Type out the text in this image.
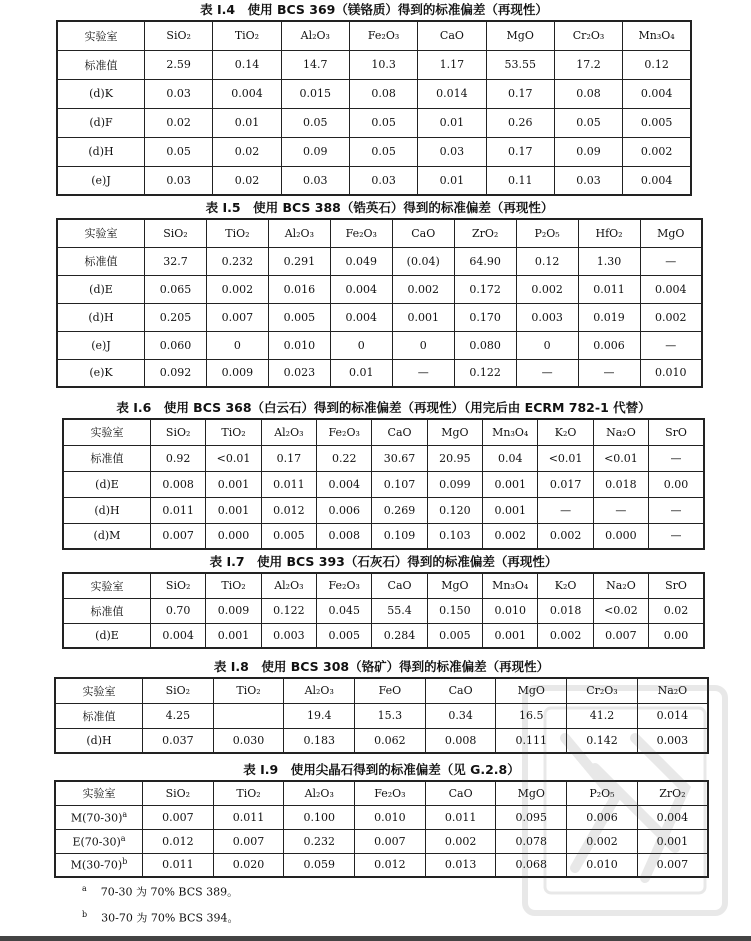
表 I.4　使用 BCS 369（镁铬质）得到的标准偏差（再现性）
实验室	SiO₂	TiO₂	Al₂O₃	Fe₂O₃	CaO	MgO	Cr₂O₃	Mn₃O₄
标准值	2.59	0.14	14.7	10.3	1.17	53.55	17.2	0.12
(d)K	0.03	0.004	0.015	0.08	0.014	0.17	0.08	0.004
(d)F	0.02	0.01	0.05	0.05	0.01	0.26	0.05	0.005
(d)H	0.05	0.02	0.09	0.05	0.03	0.17	0.09	0.002
(e)J	0.03	0.02	0.03	0.03	0.01	0.11	0.03	0.004
表 I.5　使用 BCS 388（锆英石）得到的标准偏差（再现性）
实验室	SiO₂	TiO₂	Al₂O₃	Fe₂O₃	CaO	ZrO₂	P₂O₅	HfO₂	MgO
标准值	32.7	0.232	0.291	0.049	(0.04)	64.90	0.12	1.30	—
(d)E	0.065	0.002	0.016	0.004	0.002	0.172	0.002	0.011	0.004
(d)H	0.205	0.007	0.005	0.004	0.001	0.170	0.003	0.019	0.002
(e)J	0.060	0	0.010	0	0	0.080	0	0.006	—
(e)K	0.092	0.009	0.023	0.01	—	0.122	—	—	0.010
表 I.6　使用 BCS 368（白云石）得到的标准偏差（再现性）（用完后由 ECRM 782-1 代替）
实验室	SiO₂	TiO₂	Al₂O₃	Fe₂O₃	CaO	MgO	Mn₃O₄	K₂O	Na₂O	SrO
标准值	0.92	<0.01	0.17	0.22	30.67	20.95	0.04	<0.01	<0.01	—
(d)E	0.008	0.001	0.011	0.004	0.107	0.099	0.001	0.017	0.018	0.00
(d)H	0.011	0.001	0.012	0.006	0.269	0.120	0.001	—	—	—
(d)M	0.007	0.000	0.005	0.008	0.109	0.103	0.002	0.002	0.000	—
表 I.7　使用 BCS 393（石灰石）得到的标准偏差（再现性）
实验室	SiO₂	TiO₂	Al₂O₃	Fe₂O₃	CaO	MgO	Mn₃O₄	K₂O	Na₂O	SrO
标准值	0.70	0.009	0.122	0.045	55.4	0.150	0.010	0.018	<0.02	0.02
(d)E	0.004	0.001	0.003	0.005	0.284	0.005	0.001	0.002	0.007	0.00
表 I.8　使用 BCS 308（铬矿）得到的标准偏差（再现性）
实验室	SiO₂	TiO₂	Al₂O₃	FeO	CaO	MgO	Cr₂O₃	Na₂O
标准值	4.25		19.4	15.3	0.34	16.5	41.2	0.014
(d)H	0.037	0.030	0.183	0.062	0.008	0.111	0.142	0.003
表 I.9　使用尖晶石得到的标准偏差（见 G.2.8）
实验室	SiO₂	TiO₂	Al₂O₃	Fe₂O₃	CaO	MgO	P₂O₅	ZrO₂
$M(70-30)^a$	0.007	0.011	0.100	0.010	0.011	0.095	0.006	0.004
$E(70-30)^a$	0.012	0.007	0.232	0.007	0.002	0.078	0.002	0.001
$M(30-70)^b$	0.011	0.020	0.059	0.012	0.013	0.068	0.010	0.007
$^a$ 70-30 为 70% BCS 389。
$^b$ 30-70 为 70% BCS 394。
